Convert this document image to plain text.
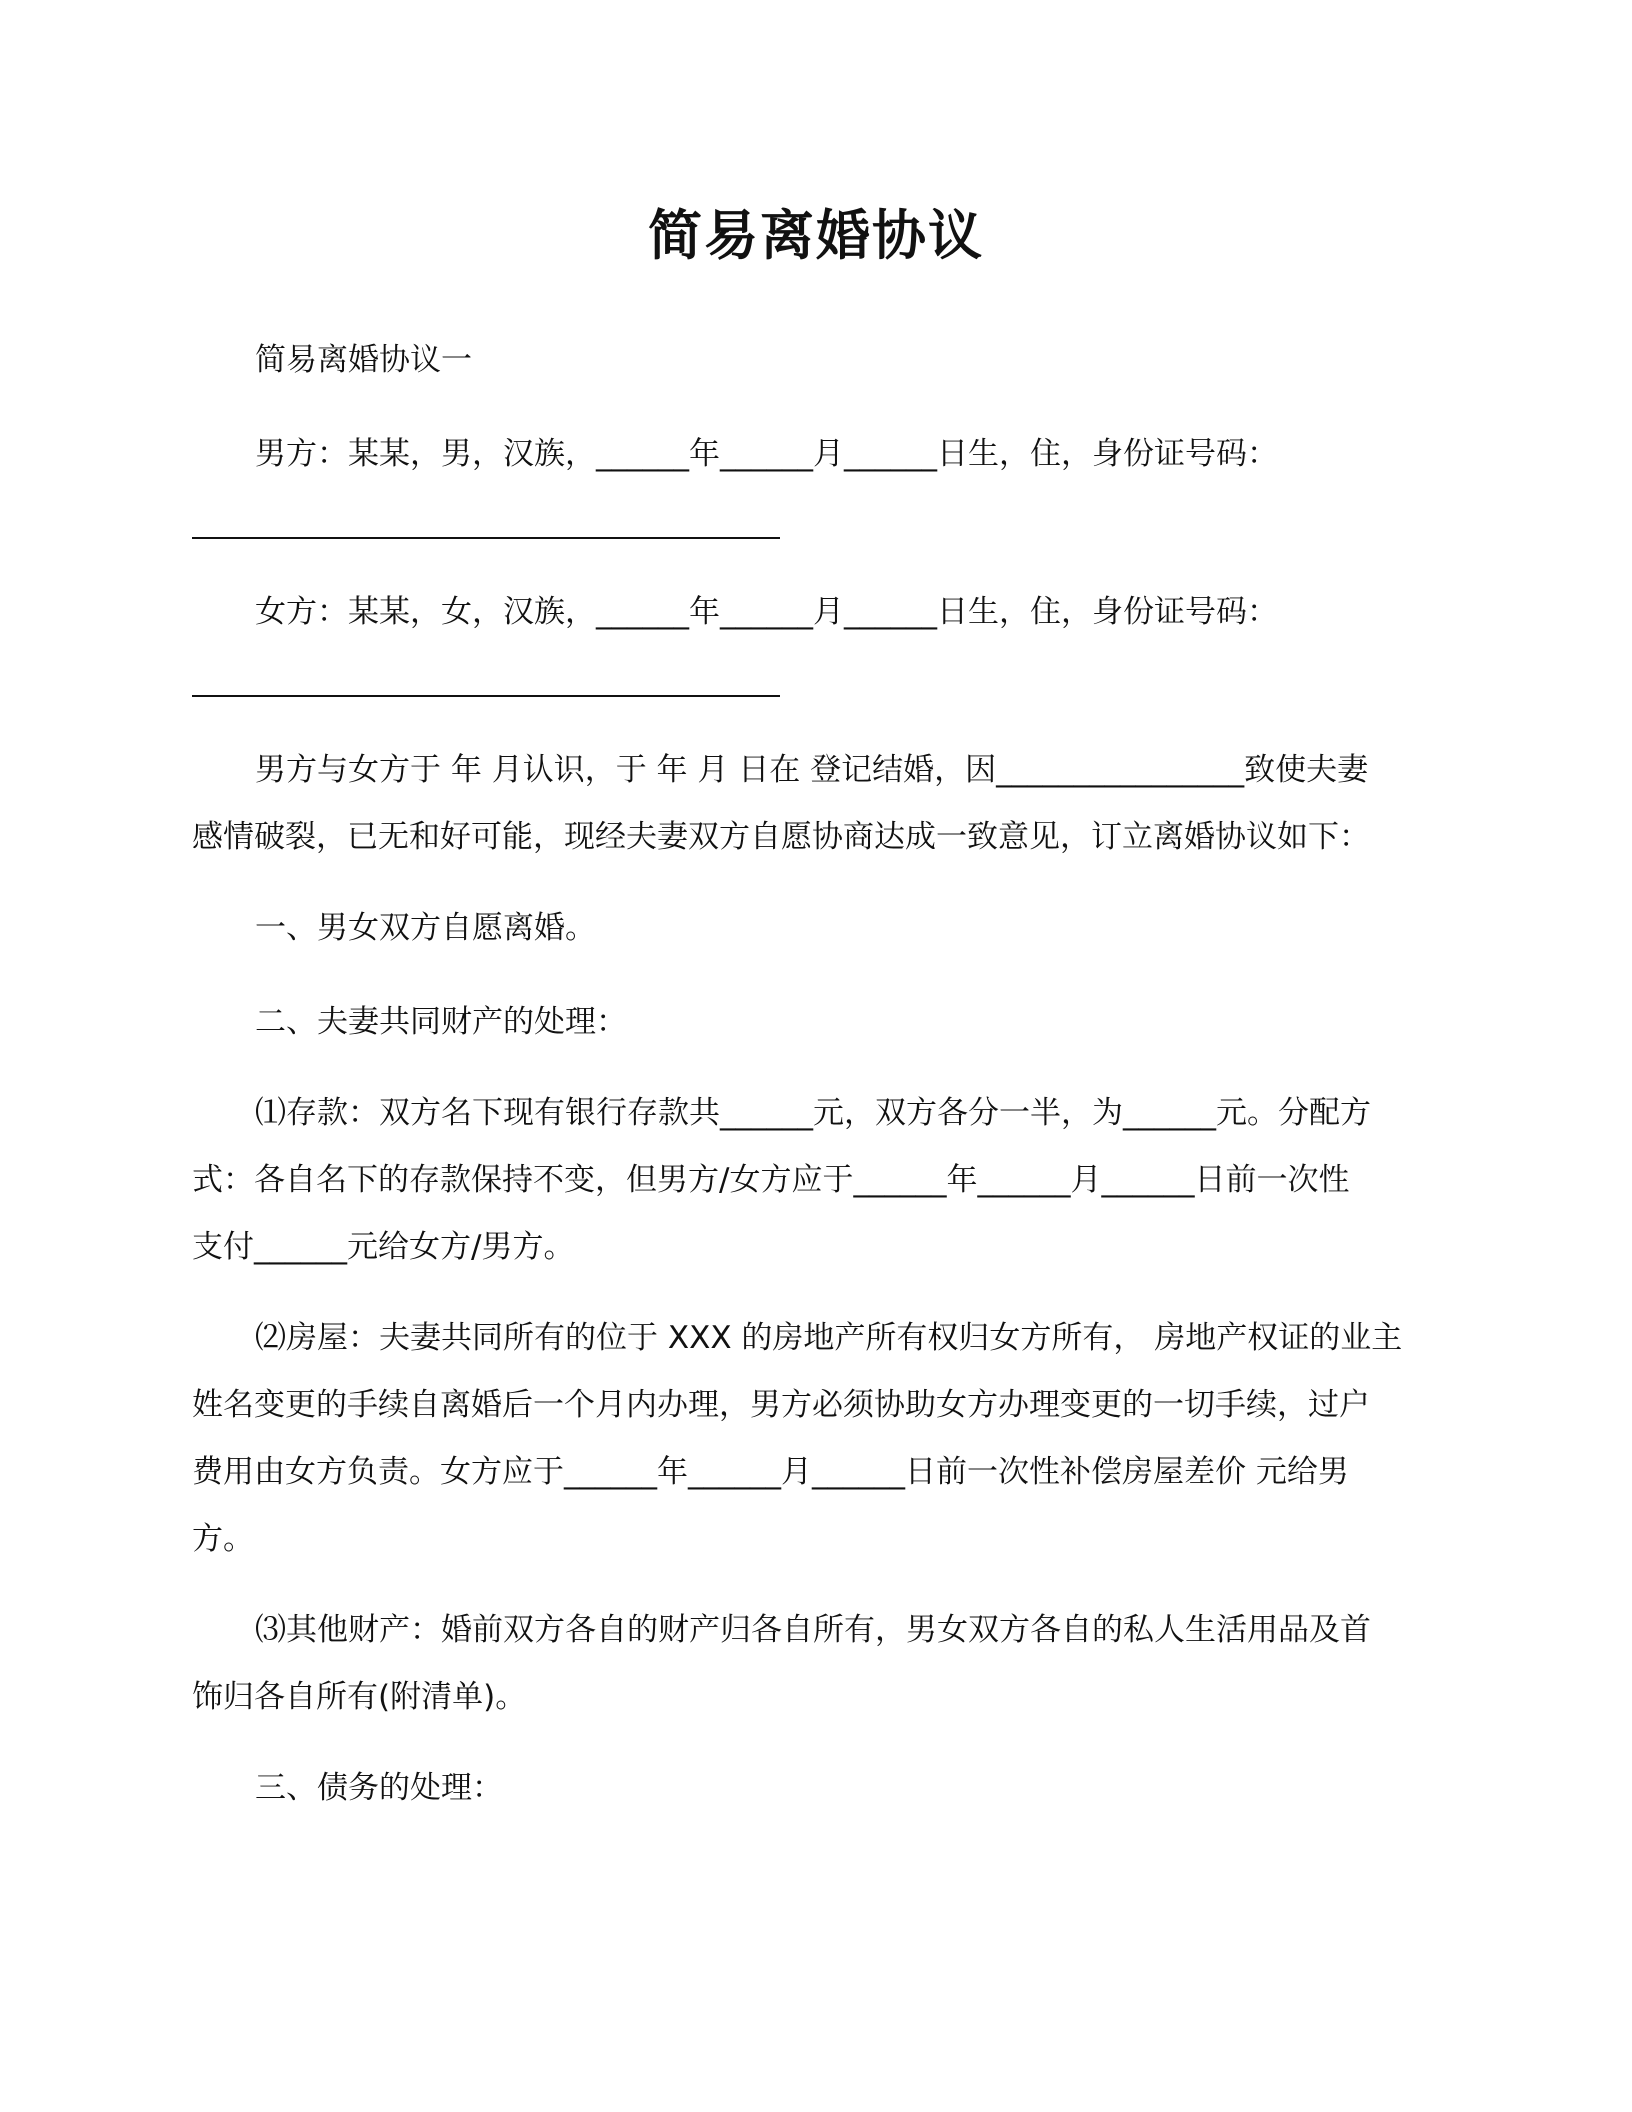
简易离婚协议
简易离婚协议一
男方：某某，男，汉族，______年______月______日生，住，身份证号码：
女方：某某，女，汉族，______年______月______日生，住，身份证号码：
男方与女方于 年 月认识，于 年 月 日在 登记结婚，因________________致使夫妻
感情破裂，已无和好可能，现经夫妻双方自愿协商达成一致意见，订立离婚协议如下：
一、男女双方自愿离婚。
二、夫妻共同财产的处理：
⑴存款：双方名下现有银行存款共______元，双方各分一半，为______元。分配方
式：各自名下的存款保持不变，但男方/女方应于______年______月______日前一次性
支付______元给女方/男方。
⑵房屋：夫妻共同所有的位于 XXX 的房地产所有权归女方所有， 房地产权证的业主
姓名变更的手续自离婚后一个月内办理，男方必须协助女方办理变更的一切手续，过户
费用由女方负责。女方应于______年______月______日前一次性补偿房屋差价 元给男
方。
⑶其他财产：婚前双方各自的财产归各自所有，男女双方各自的私人生活用品及首
饰归各自所有(附清单)。
三、债务的处理：
